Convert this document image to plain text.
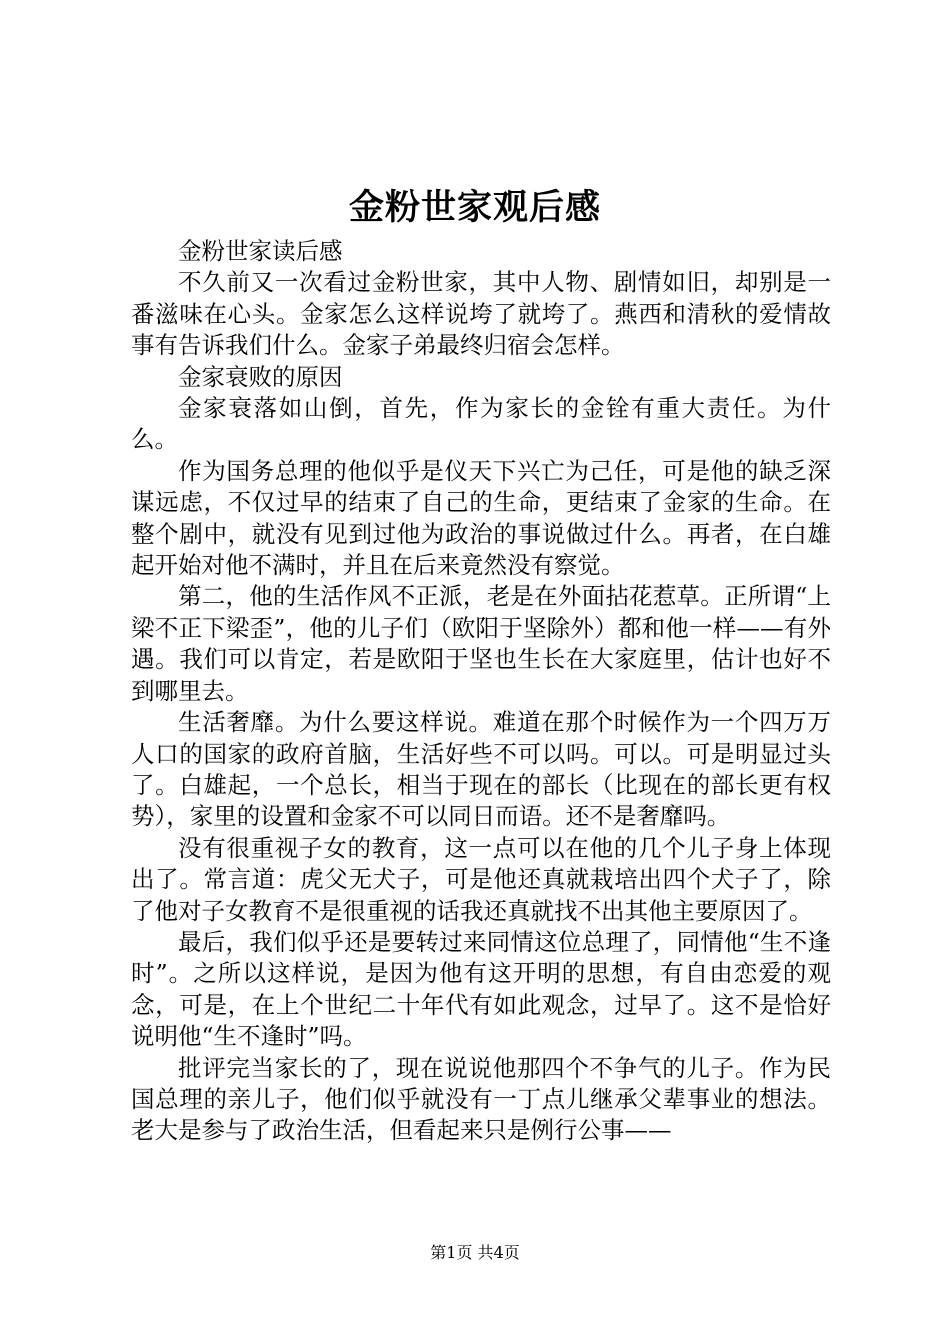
金粉世家观后感

金粉世家读后感

不久前又一次看过金粉世家，其中人物、剧情如旧，却别是一番滋味在心头。金家怎么这样说垮了就垮了。燕西和清秋的爱情故事有告诉我们什么。金家子弟最终归宿会怎样。

金家衰败的原因

金家衰落如山倒，首先，作为家长的金铨有重大责任。为什么。

作为国务总理的他似乎是仪天下兴亡为己任，可是他的缺乏深谋远虑，不仅过早的结束了自己的生命，更结束了金家的生命。在整个剧中，就没有见到过他为政治的事说做过什么。再者，在白雄起开始对他不满时，并且在后来竟然没有察觉。

第二，他的生活作风不正派，老是在外面拈花惹草。正所谓“上梁不正下梁歪”，他的儿子们（欧阳于坚除外）都和他一样——有外遇。我们可以肯定，若是欧阳于坚也生长在大家庭里，估计也好不到哪里去。

生活奢靡。为什么要这样说。难道在那个时候作为一个四万万人口的国家的政府首脑，生活好些不可以吗。可以。可是明显过头了。白雄起，一个总长，相当于现在的部长（比现在的部长更有权势），家里的设置和金家不可以同日而语。还不是奢靡吗。

没有很重视子女的教育，这一点可以在他的几个儿子身上体现出了。常言道：虎父无犬子，可是他还真就栽培出四个犬子了，除了他对子女教育不是很重视的话我还真就找不出其他主要原因了。

最后，我们似乎还是要转过来同情这位总理了，同情他“生不逢时”。之所以这样说，是因为他有这开明的思想，有自由恋爱的观念，可是，在上个世纪二十年代有如此观念，过早了。这不是恰好说明他“生不逢时”吗。

批评完当家长的了，现在说说他那四个不争气的儿子。作为民国总理的亲儿子，他们似乎就没有一丁点儿继承父辈事业的想法。老大是参与了政治生活，但看起来只是例行公事——

第1页 共4页
